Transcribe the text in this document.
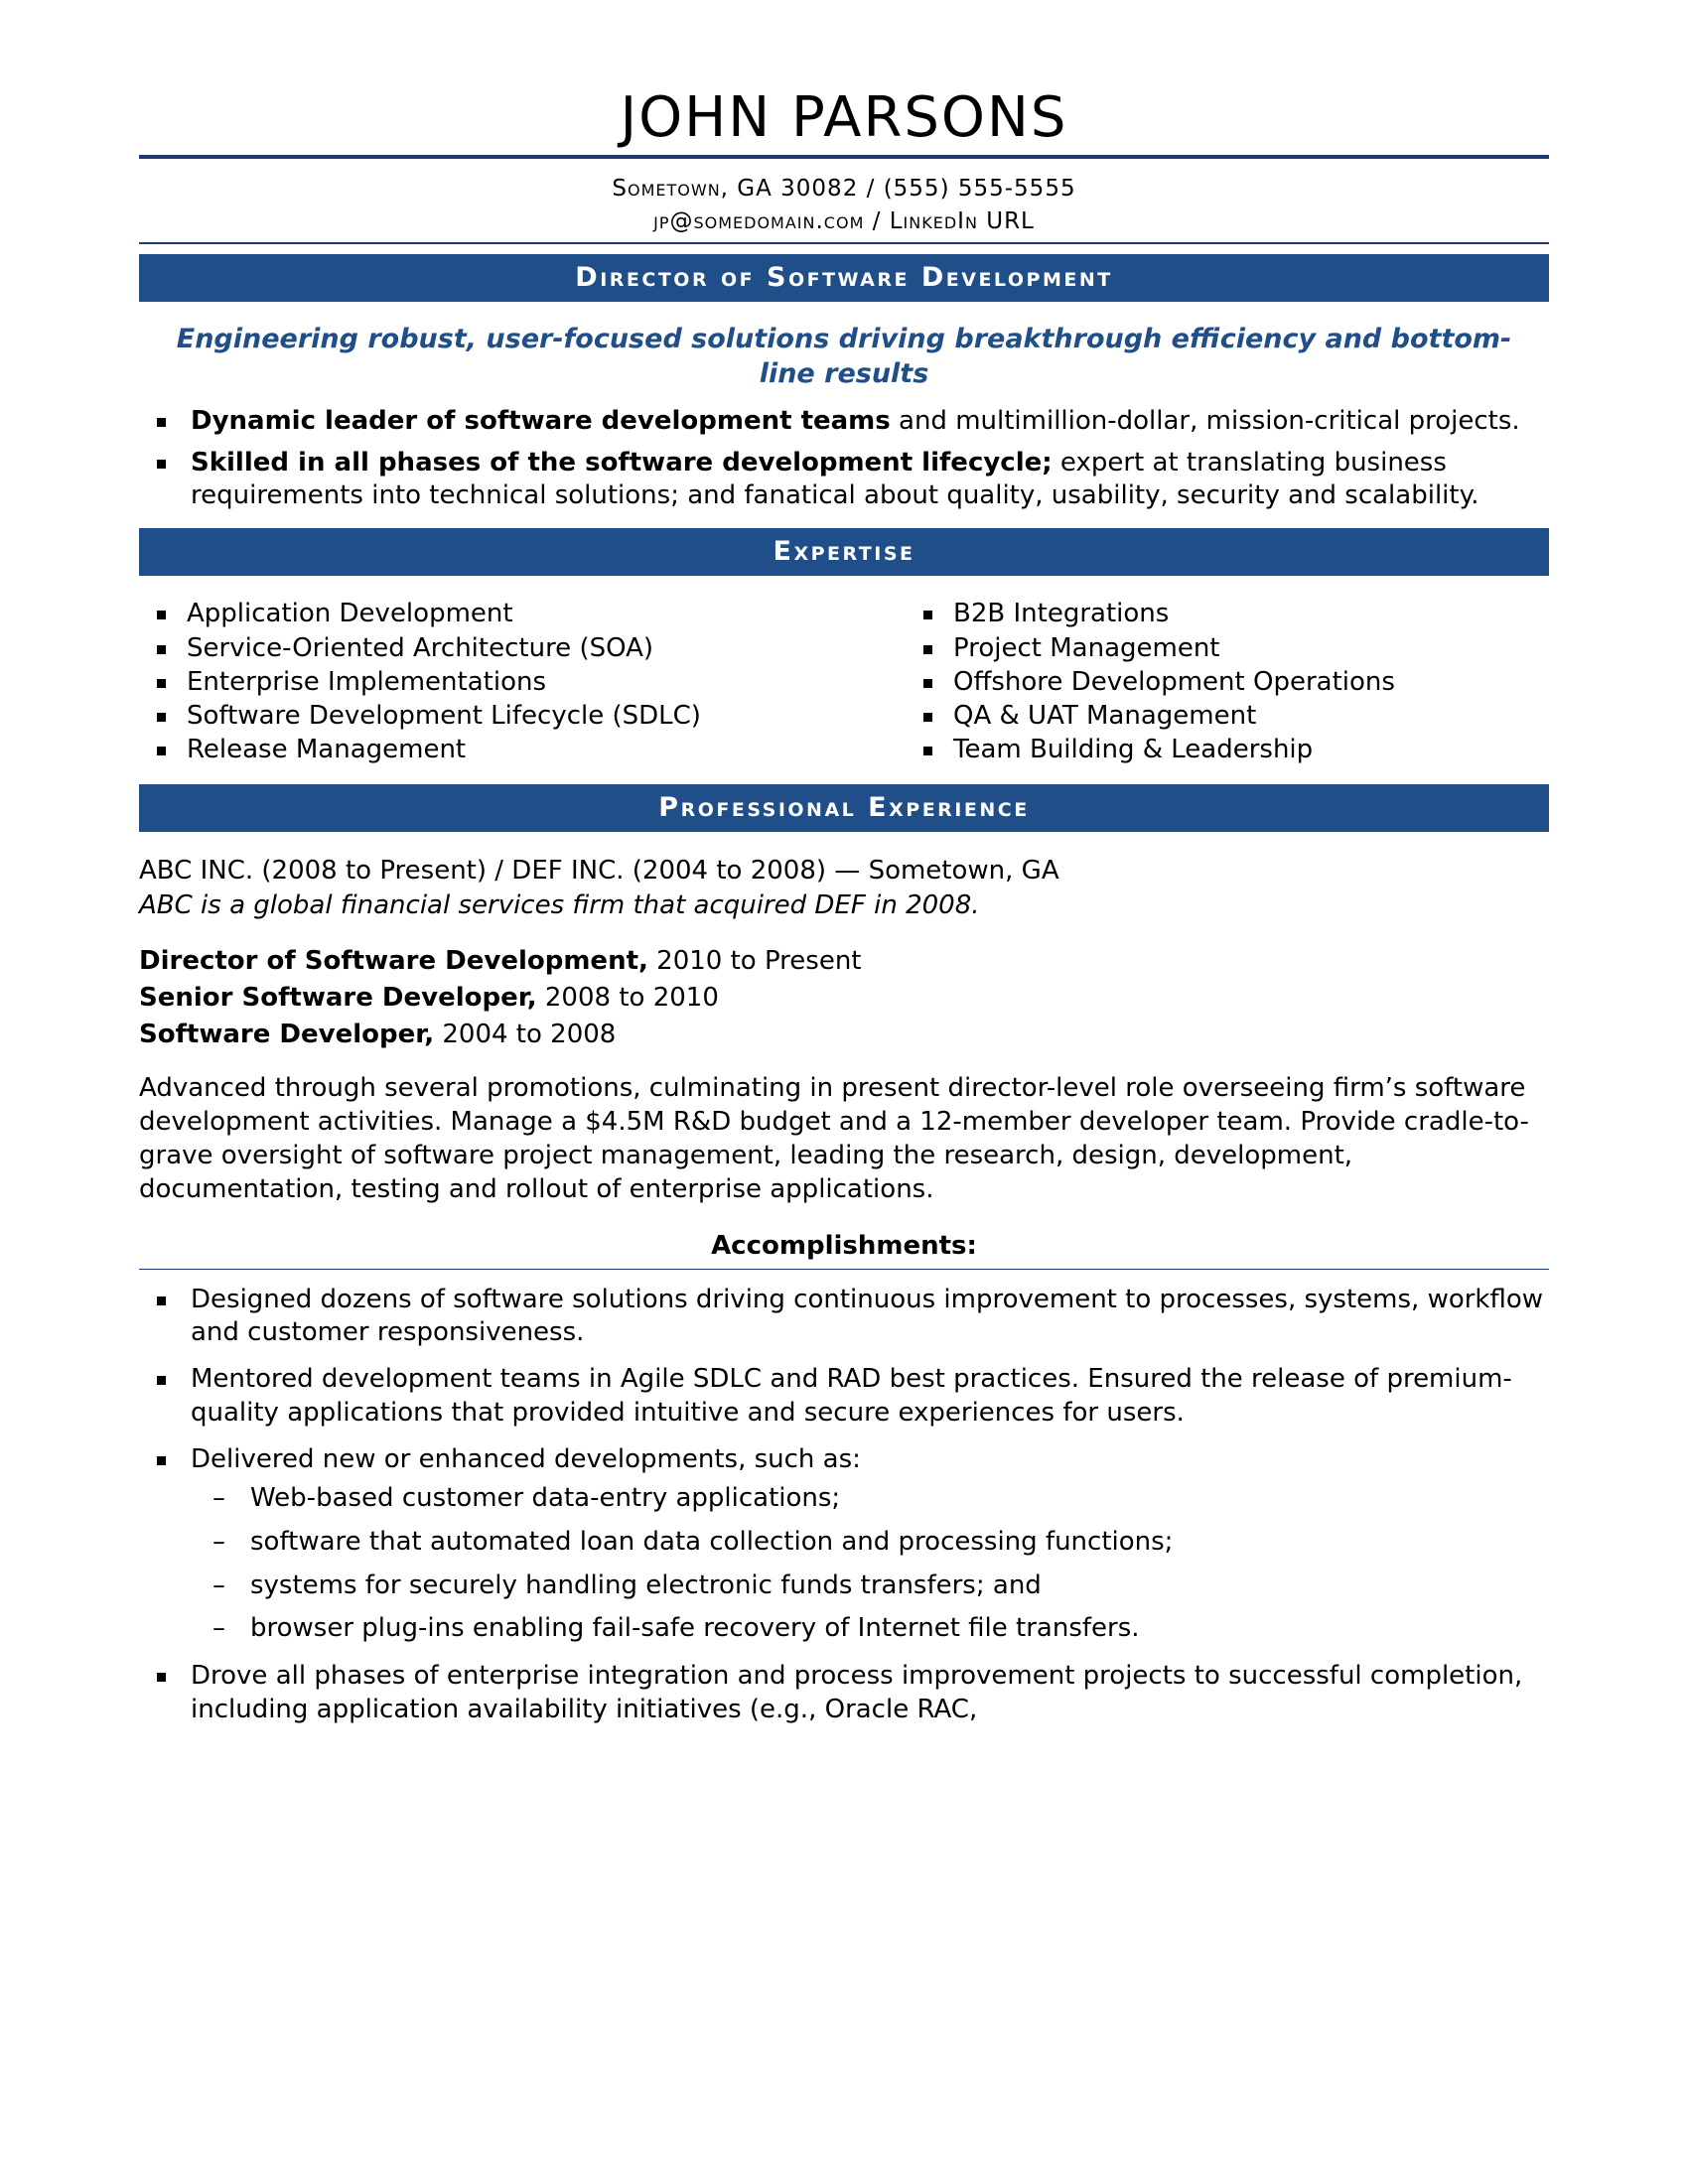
JOHN PARSONS
Sometown, GA 30082 / (555) 555-5555
jp@somedomain.com / LinkedIn URL
Director of Software Development
Engineering robust, user-focused solutions driving breakthrough efficiency and bottom-line results
Dynamic leader of software development teams and multimillion-dollar, mission-critical projects.
Skilled in all phases of the software development lifecycle; expert at translating business requirements into technical solutions; and fanatical about quality, usability, security and scalability.
Expertise
Application Development
Service-Oriented Architecture (SOA)
Enterprise Implementations
Software Development Lifecycle (SDLC)
Release Management
B2B Integrations
Project Management
Offshore Development Operations
QA & UAT Management
Team Building & Leadership
Professional Experience
ABC INC. (2008 to Present) / DEF INC. (2004 to 2008) — Sometown, GA
ABC is a global financial services firm that acquired DEF in 2008.
Director of Software Development, 2010 to Present
Senior Software Developer, 2008 to 2010
Software Developer, 2004 to 2008
Advanced through several promotions, culminating in present director-level role overseeing firm’s software development activities. Manage a $4.5M R&D budget and a 12-member developer team. Provide cradle-to-grave oversight of software project management, leading the research, design, development, documentation, testing and rollout of enterprise applications.
Accomplishments:
Designed dozens of software solutions driving continuous improvement to processes, systems, workflow and customer responsiveness.
Mentored development teams in Agile SDLC and RAD best practices. Ensured the release of premium-quality applications that provided intuitive and secure experiences for users.
Delivered new or enhanced developments, such as:
– Web-based customer data-entry applications;
– software that automated loan data collection and processing functions;
– systems for securely handling electronic funds transfers; and
– browser plug-ins enabling fail-safe recovery of Internet file transfers.
Drove all phases of enterprise integration and process improvement projects to successful completion, including application availability initiatives (e.g., Oracle RAC,
